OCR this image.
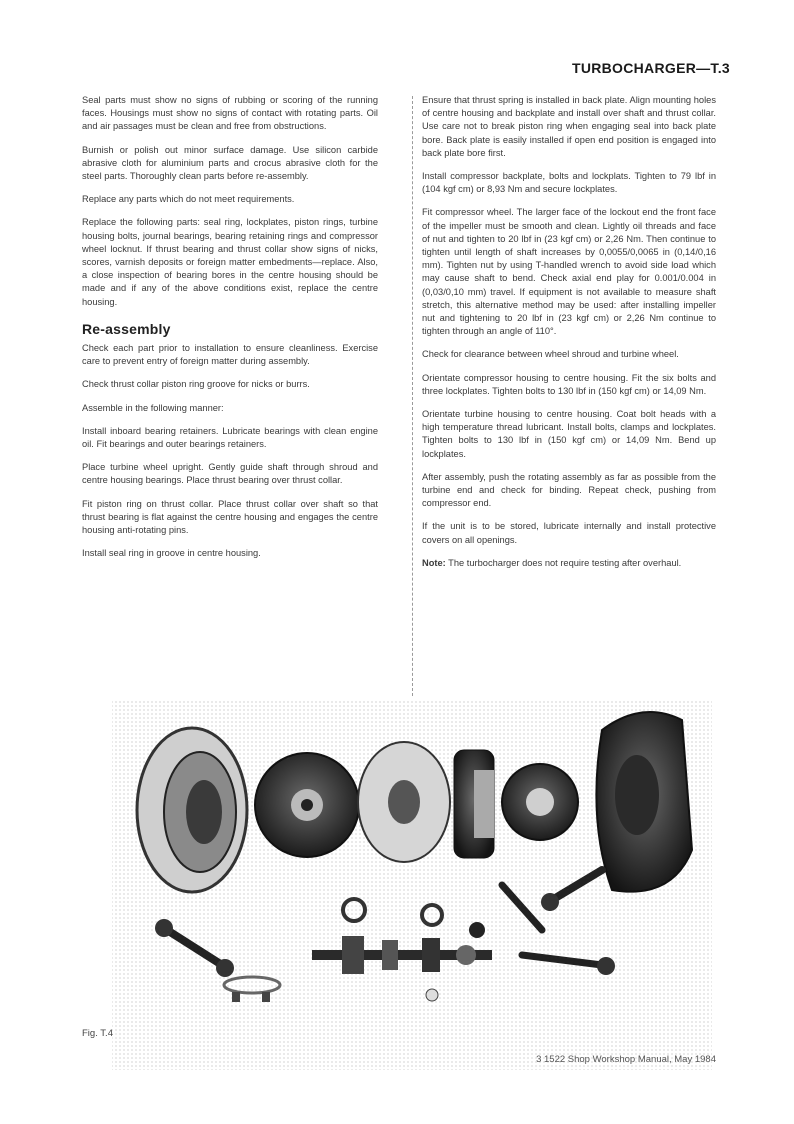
TURBOCHARGER—T.3

Seal parts must show no signs of rubbing or scoring of the running faces. Housings must show no signs of contact with rotating parts. Oil and air passages must be clean and free from obstructions.

Burnish or polish out minor surface damage. Use silicon carbide abrasive cloth for aluminium parts and crocus abrasive cloth for the steel parts. Thoroughly clean parts before re-assembly.

Replace any parts which do not meet requirements.

Replace the following parts: seal ring, lockplates, piston rings, turbine housing bolts, journal bearings, bearing retaining rings and compressor wheel locknut. If thrust bearing and thrust collar show signs of nicks, scores, varnish deposits or foreign matter embedments—replace. Also, a close inspection of bearing bores in the centre housing should be made and if any of the above conditions exist, replace the centre housing.

Re-assembly

Check each part prior to installation to ensure cleanliness. Exercise care to prevent entry of foreign matter during assembly.

Check thrust collar piston ring groove for nicks or burrs.

Assemble in the following manner:

Install inboard bearing retainers. Lubricate bearings with clean engine oil. Fit bearings and outer bearings retainers.

Place turbine wheel upright. Gently guide shaft through shroud and centre housing bearings. Place thrust bearing over thrust collar.

Fit piston ring on thrust collar. Place thrust collar over shaft so that thrust bearing is flat against the centre housing and engages the centre housing anti-rotating pins.

Install seal ring in groove in centre housing.

Ensure that thrust spring is installed in back plate. Align mounting holes of centre housing and backplate and install over shaft and thrust collar. Use care not to break piston ring when engaging seal into back plate bore. Back plate is easily installed if open end position is engaged into back plate bore first.

Install compressor backplate, bolts and lockplats. Tighten to 79 lbf in (104 kgf cm) or 8,93 Nm and secure lockplates.

Fit compressor wheel. The larger face of the lockout end the front face of the impeller must be smooth and clean. Lightly oil threads and face of nut and tighten to 20 lbf in (23 kgf cm) or 2,26 Nm. Then continue to tighten until length of shaft increases by 0,0055/0,0065 in (0,14/0,16 mm). Tighten nut by using T-handled wrench to avoid side load which may cause shaft to bend. Check axial end play for 0.001/0.004 in (0,03/0,10 mm) travel. If equipment is not available to measure shaft stretch, this alternative method may be used: after installing impeller nut and tightening to 20 lbf in (23 kgf cm) or 2,26 Nm continue to tighten through an angle of 110°.

Check for clearance between wheel shroud and turbine wheel.

Orientate compressor housing to centre housing. Fit the six bolts and three lockplates. Tighten bolts to 130 lbf in (150 kgf cm) or 14,09 Nm.

Orientate turbine housing to centre housing. Coat bolt heads with a high temperature thread lubricant. Install bolts, clamps and lockplates. Tighten bolts to 130 lbf in (150 kgf cm) or 14,09 Nm. Bend up lockplates.

After assembly, push the rotating assembly as far as possible from the turbine end and check for binding. Repeat check, pushing from compressor end.

If the unit is to be stored, lubricate internally and install protective covers on all openings.

Note: The turbocharger does not require testing after overhaul.

Fig. T.4
3 1522 Shop Workshop Manual, May 1984
